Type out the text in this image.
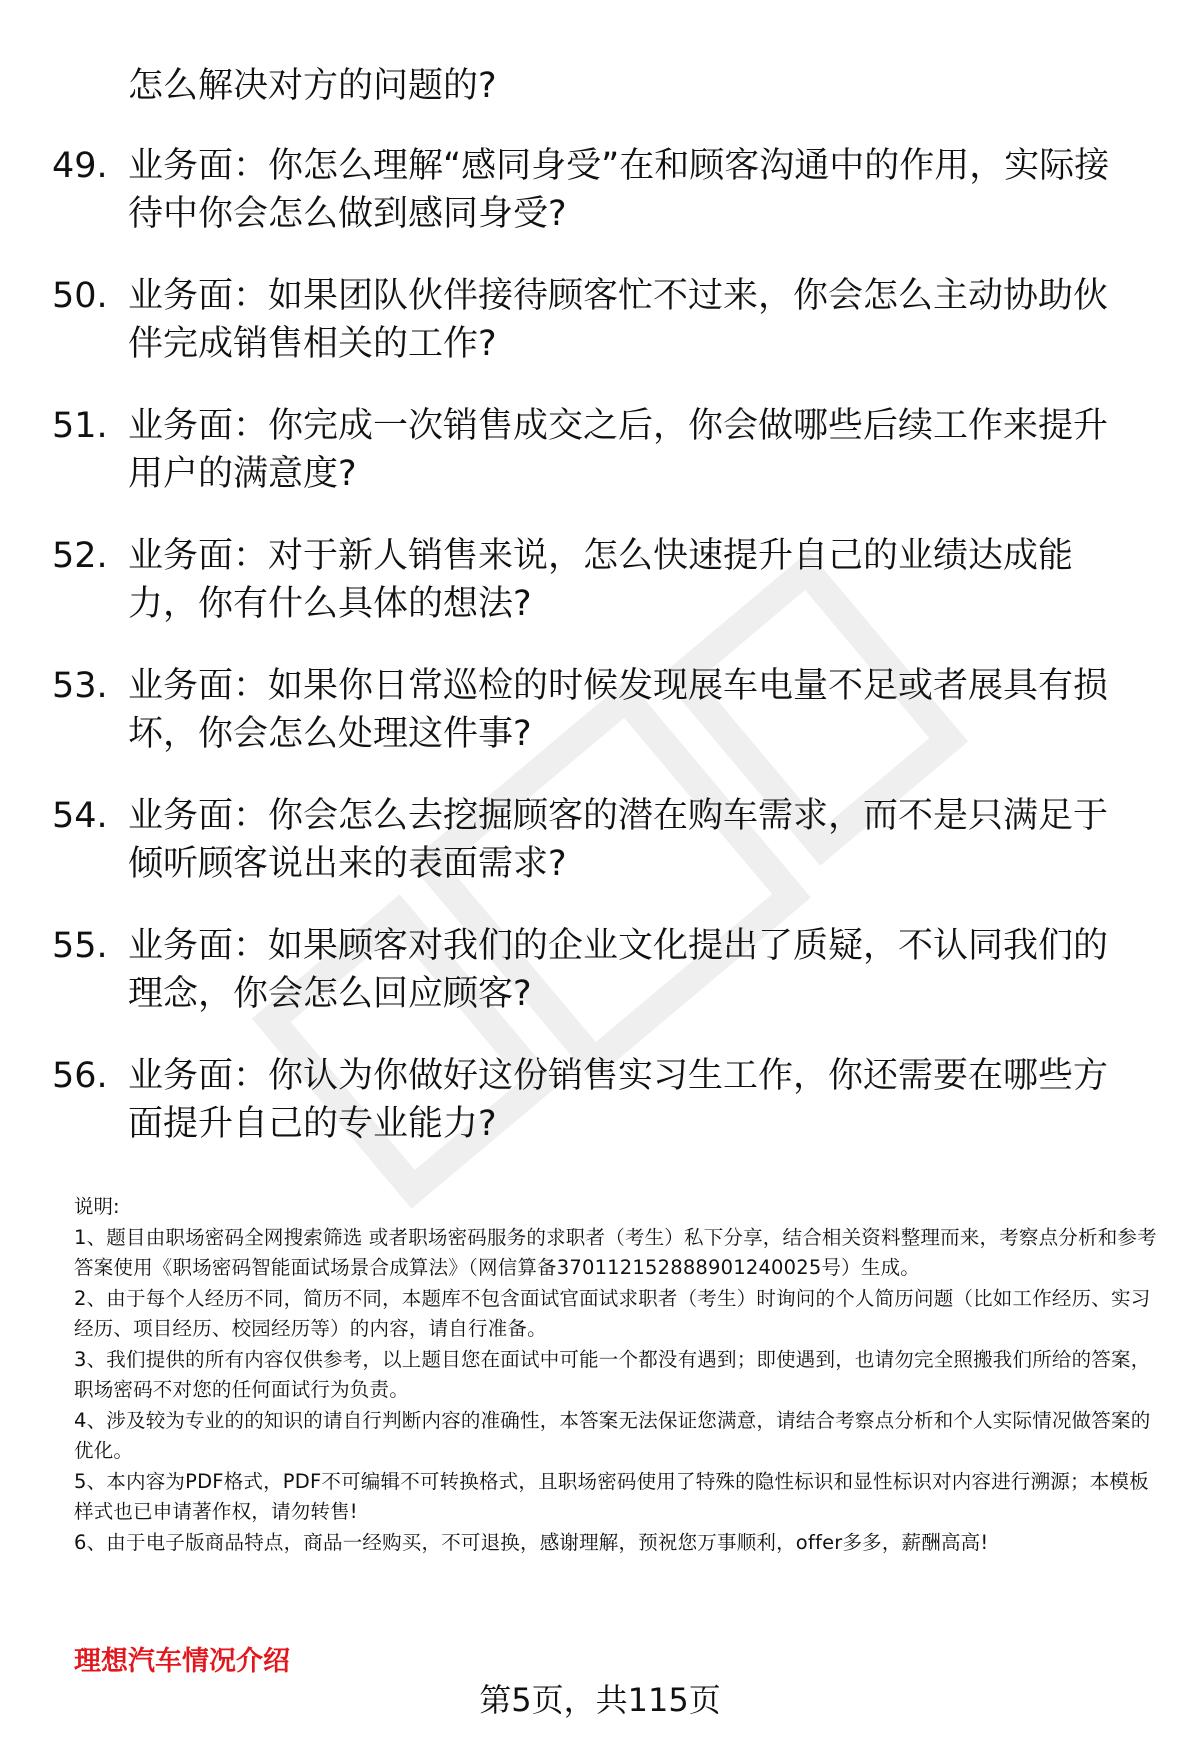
怎么解决对方的问题的?

49. 业务面：你怎么理解“感同身受”在和顾客沟通中的作用，实际接待中你会怎么做到感同身受?
50. 业务面：如果团队伙伴接待顾客忙不过来，你会怎么主动协助伙伴完成销售相关的工作?
51. 业务面：你完成一次销售成交之后，你会做哪些后续工作来提升用户的满意度?
52. 业务面：对于新人销售来说，怎么快速提升自己的业绩达成能力，你有什么具体的想法?
53. 业务面：如果你日常巡检的时候发现展车电量不足或者展具有损坏，你会怎么处理这件事?
54. 业务面：你会怎么去挖掘顾客的潜在购车需求，而不是只满足于倾听顾客说出来的表面需求?
55. 业务面：如果顾客对我们的企业文化提出了质疑，不认同我们的理念，你会怎么回应顾客?
56. 业务面：你认为你做好这份销售实习生工作，你还需要在哪些方面提升自己的专业能力?

说明:

1、题目由职场密码全网搜索筛选 或者职场密码服务的求职者（考生）私下分享，结合相关资料整理而来，考察点分析和参考答案使用《职场密码智能面试场景合成算法》（网信算备370112152888901240025号）生成。

2、由于每个人经历不同，简历不同，本题库不包含面试官面试求职者（考生）时询问的个人简历问题（比如工作经历、实习经历、项目经历、校园经历等）的内容，请自行准备。

3、我们提供的所有内容仅供参考，以上题目您在面试中可能一个都没有遇到；即使遇到，也请勿完全照搬我们所给的答案，职场密码不对您的任何面试行为负责。

4、涉及较为专业的的知识的请自行判断内容的准确性，本答案无法保证您满意，请结合考察点分析和个人实际情况做答案的优化。

5、本内容为PDF格式，PDF不可编辑不可转换格式，且职场密码使用了特殊的隐性标识和显性标识对内容进行溯源；本模板样式也已申请著作权，请勿转售!

6、由于电子版商品特点，商品一经购买，不可退换，感谢理解，预祝您万事顺利，offer多多，薪酬高高!

理想汽车情况介绍

第5页，共115页
